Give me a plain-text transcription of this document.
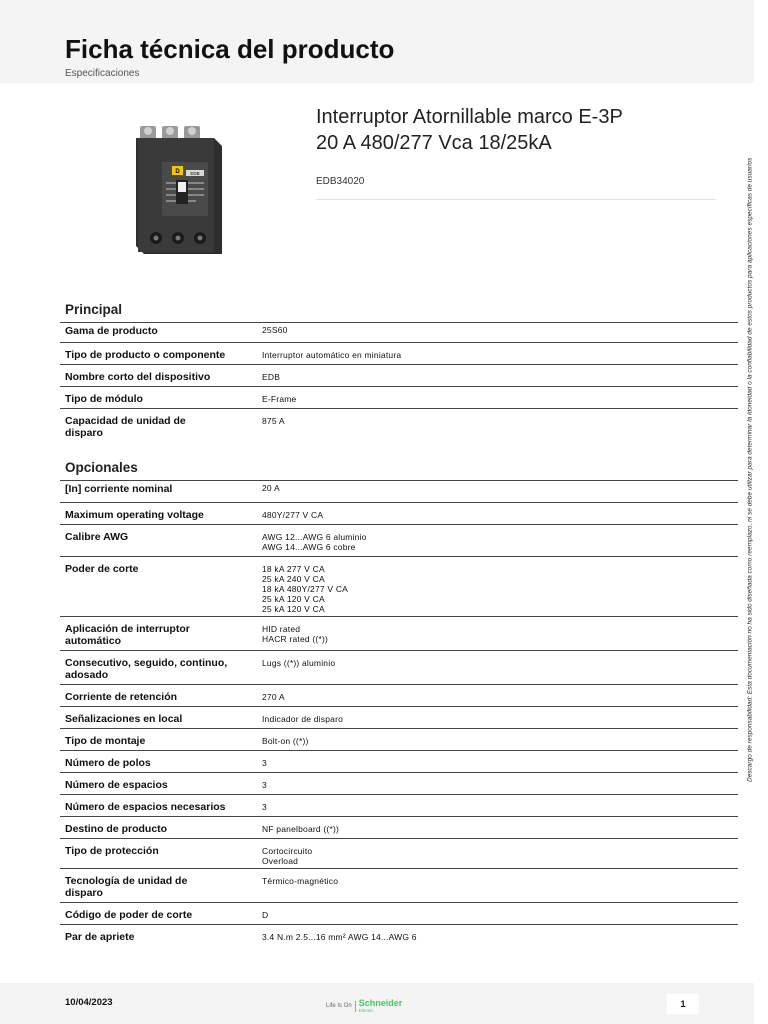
Ficha técnica del producto
Especificaciones
D EDB
Interruptor Atornillable marco E-3P
20 A 480/277 Vca 18/25kA
EDB34020
Principal
Gama de producto	25S60

Tipo de producto o componente	Interruptor automático en miniatura

Nombre corto del dispositivo	EDB

Tipo de módulo	E-Frame

Capacidad de unidad de
disparo	875 A
Opcionales
[In] corriente nominal	20 A

Maximum operating voltage	480Y/277 V CA

Calibre AWG	AWG 12...AWG 6 aluminio
AWG 14...AWG 6 cobre

Poder de corte	18 kA 277 V CA
25 kA 240 V CA
18 kA 480Y/277 V CA
25 kA 120 V CA
25 kA 120 V CA

Aplicación de interruptor
automático	HID rated
HACR rated ((*))

Consecutivo, seguido, continuo,
adosado	Lugs ((*)) aluminio

Corriente de retención	270 A

Señalizaciones en local	Indicador de disparo

Tipo de montaje	Bolt-on ((*))

Número de polos	3

Número de espacios	3

Número de espacios necesarios	3

Destino de producto	NF panelboard ((*))

Tipo de protección	Cortocircuito
Overload

Tecnología de unidad de
disparo	Térmico-magnético

Código de poder de corte	D

Par de apriete	3.4 N.m 2.5...16 mm² AWG 14...AWG 6
Descargo de responsabilidad: Esta documentación no ha sido diseñada como reemplazo, ni se debe utilizar para determinar la idoneidad o la confiabilidad de estos productos para aplicaciones específicas de usuarios
10/04/2023	Life Is On Schneider
Electric
1
